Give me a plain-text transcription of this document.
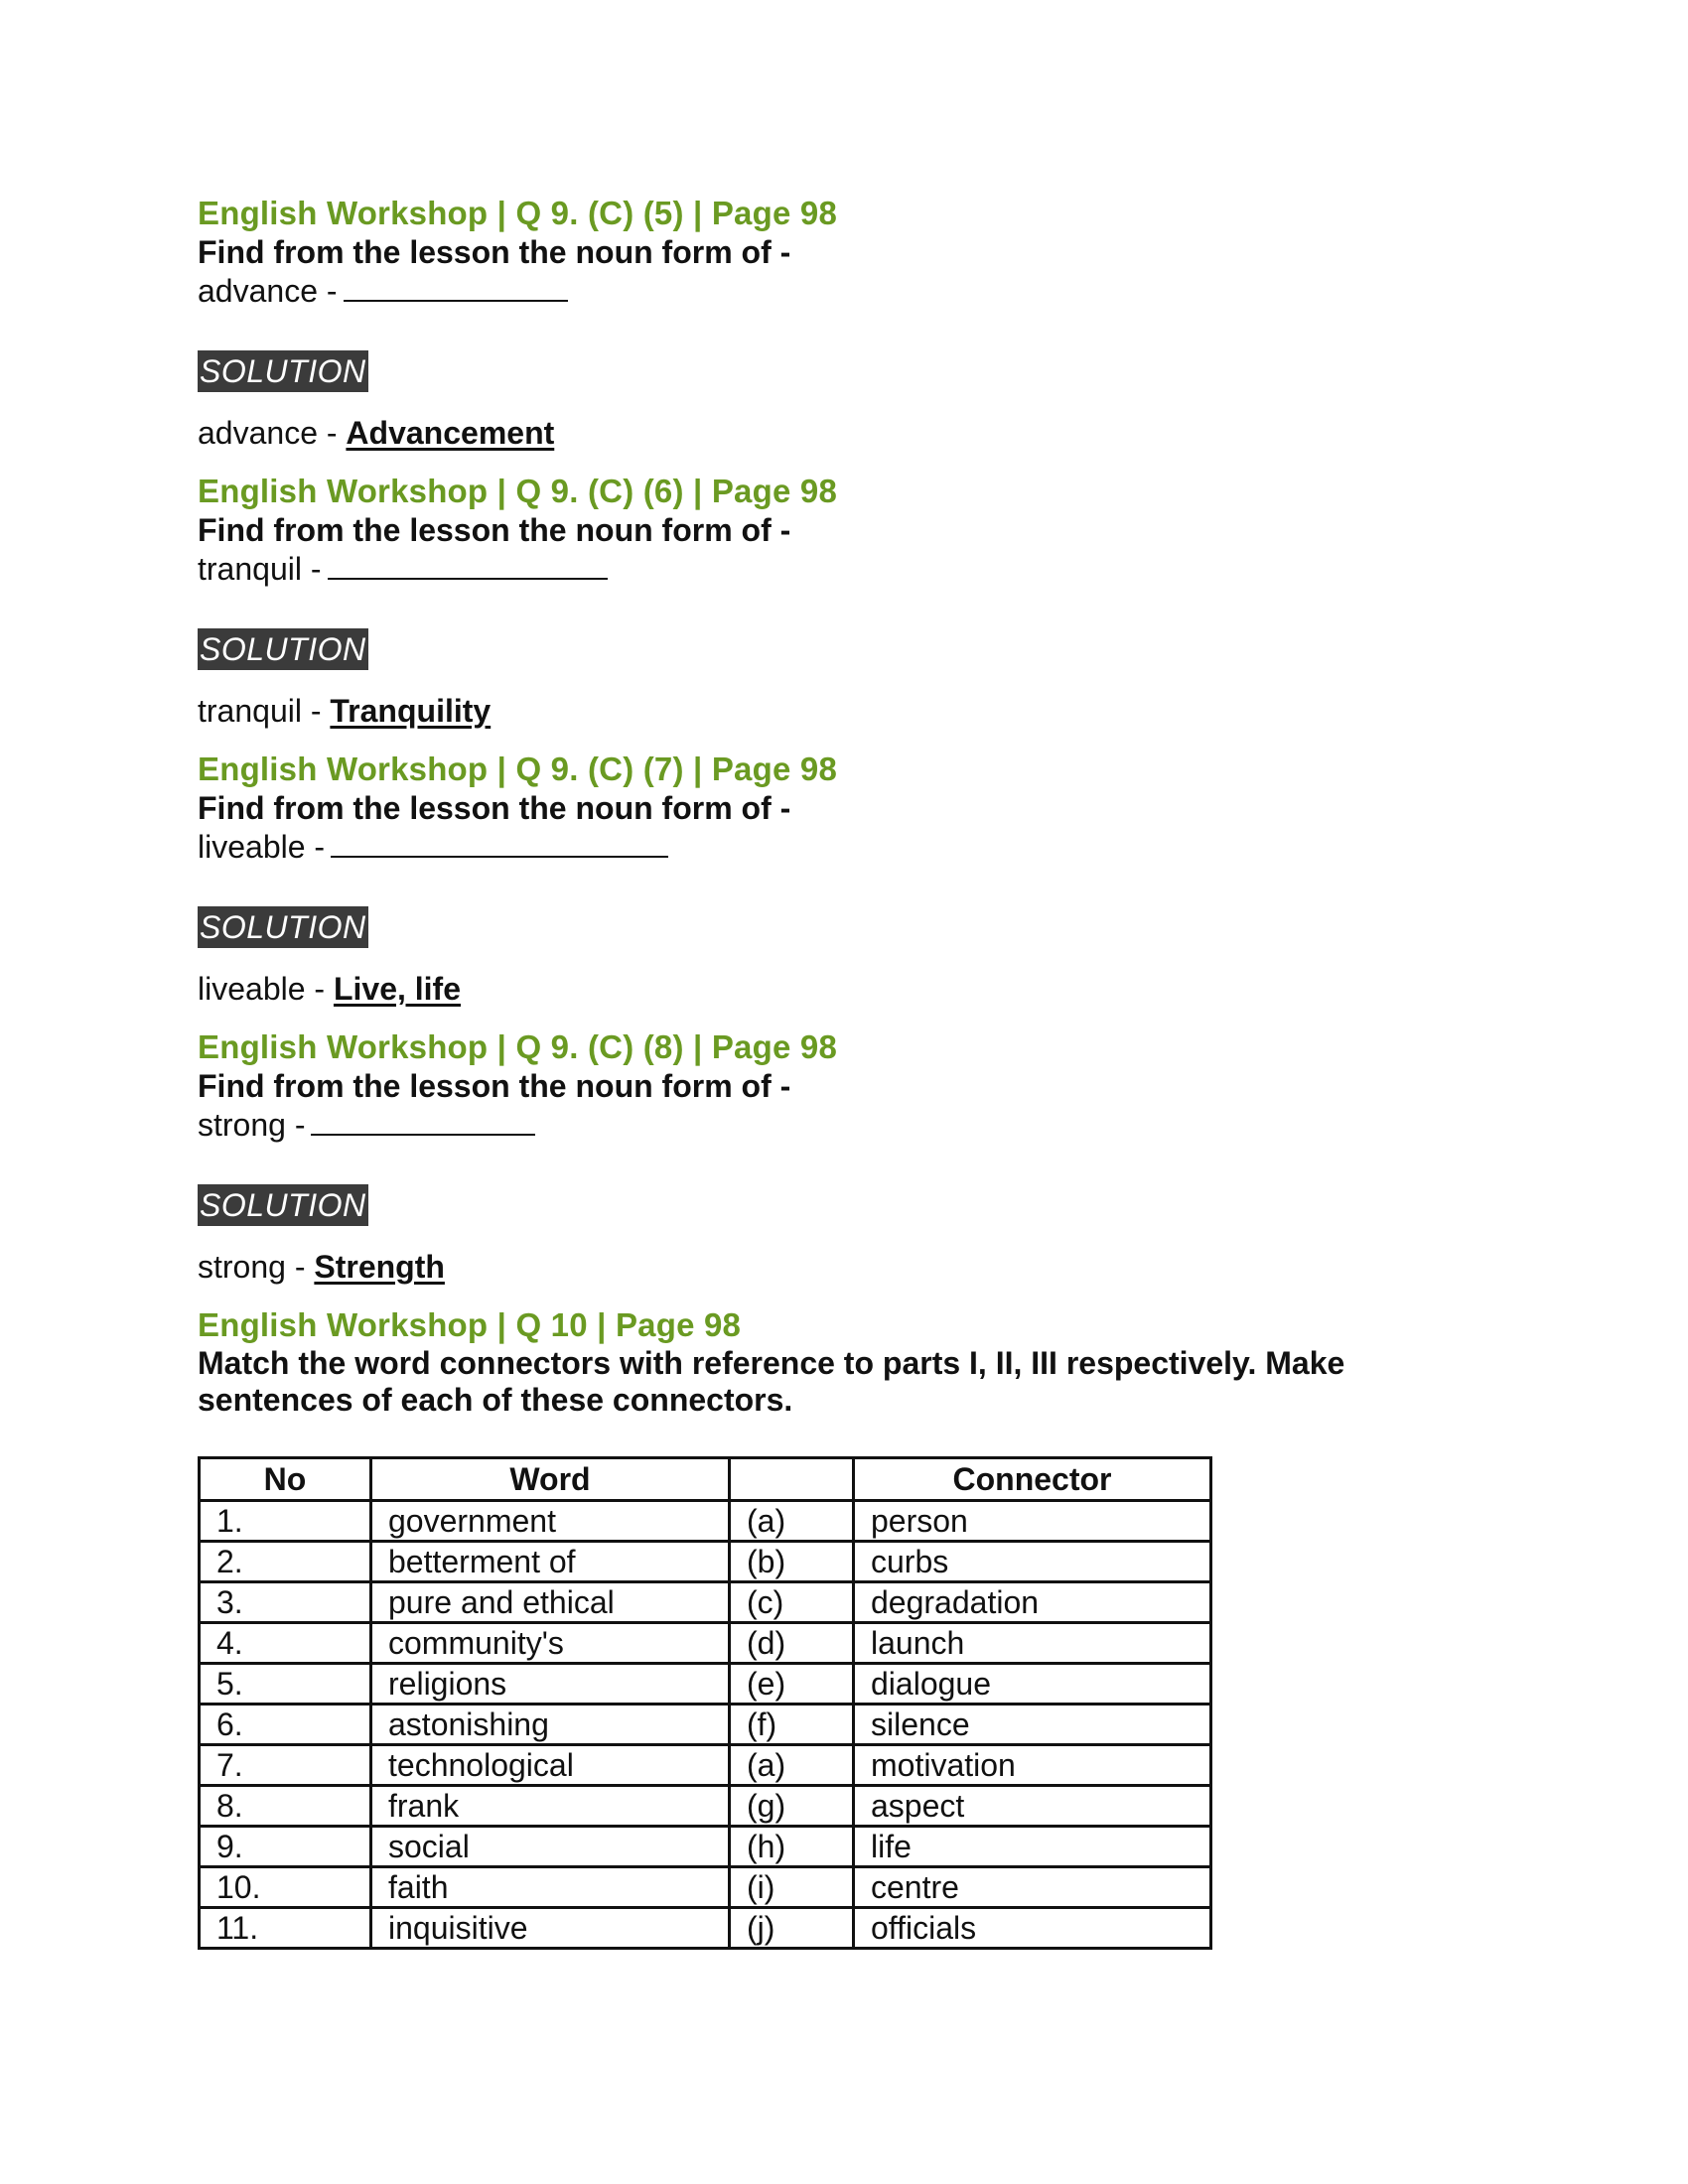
English Workshop | Q 9. (C) (5) | Page 98

Find from the lesson the noun form of -

advance -

SOLUTION

advance - Advancement

English Workshop | Q 9. (C) (6) | Page 98

Find from the lesson the noun form of -

tranquil -

SOLUTION

tranquil - Tranquility

English Workshop | Q 9. (C) (7) | Page 98

Find from the lesson the noun form of -

liveable -

SOLUTION

liveable - Live, life

English Workshop | Q 9. (C) (8) | Page 98

Find from the lesson the noun form of -

strong -

SOLUTION

strong - Strength

English Workshop | Q 10 | Page 98

Match the word connectors with reference to parts I, II, III respectively. Make sentences of each of these connectors.

No	Word		Connector
1.	government	(a)	person
2.	betterment of	(b)	curbs
3.	pure and ethical	(c)	degradation
4.	community's	(d)	launch
5.	religions	(e)	dialogue
6.	astonishing	(f)	silence
7.	technological	(a)	motivation
8.	frank	(g)	aspect
9.	social	(h)	life
10.	faith	(i)	centre
11.	inquisitive	(j)	officials
